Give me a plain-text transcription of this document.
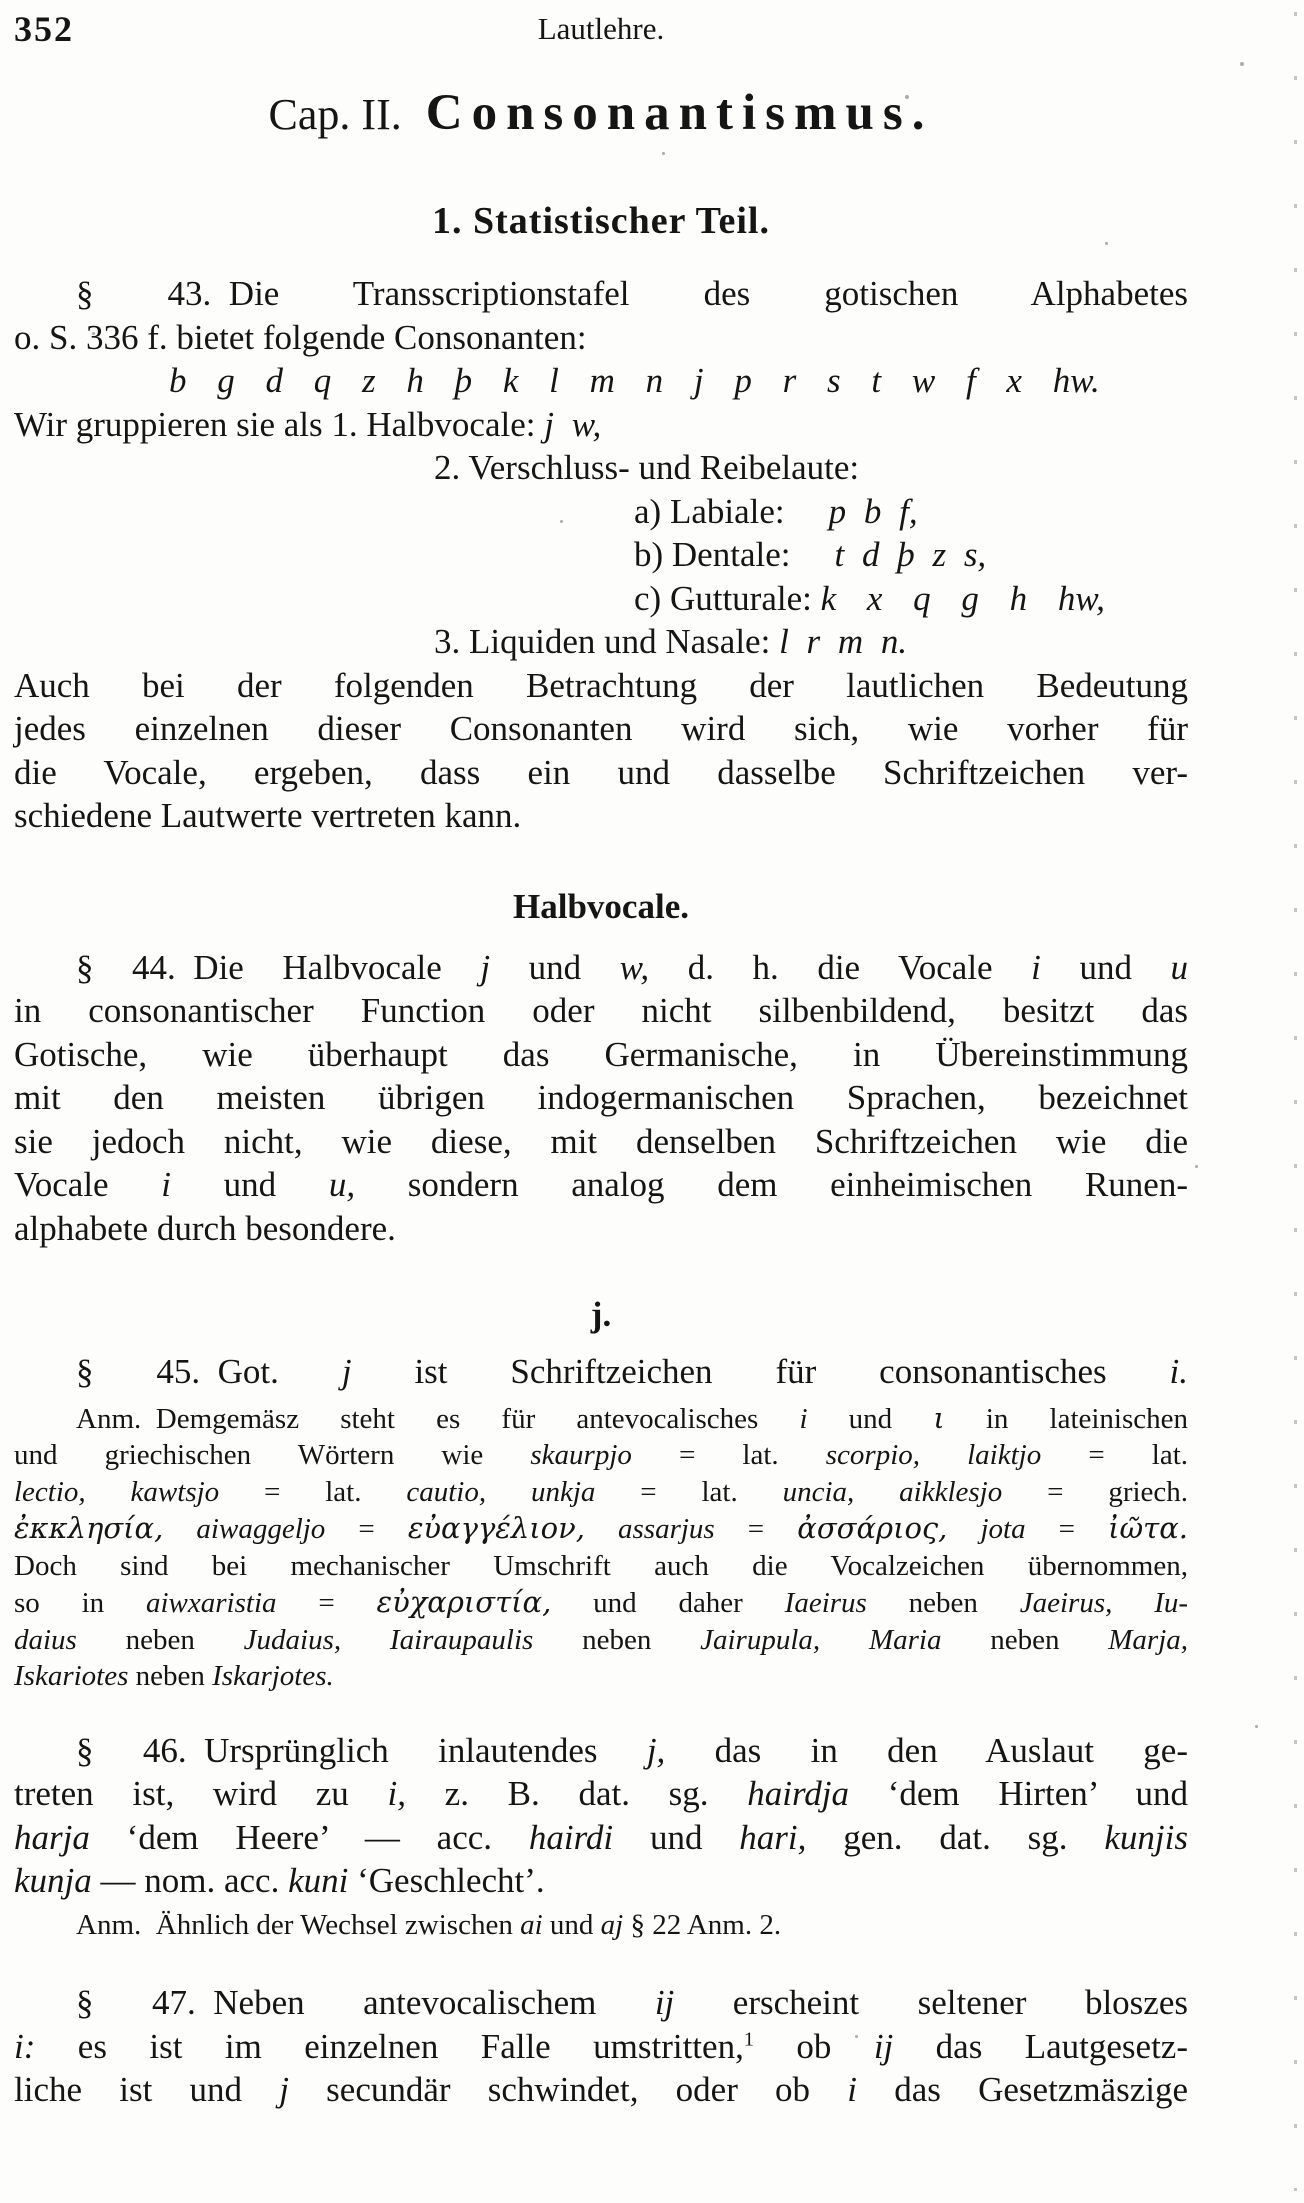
352	Lautlehre.
Cap. II. Consonantismus.
1. Statistischer Teil.
§ 43. Die Transscriptionstafel des gotischen Alphabetes
o. S. 336 f. bietet folgende Consonanten:
b g d q z h þ k l m n j p r s t w f x hw.
Wir gruppieren sie als 1. Halbvocale: j w,
2. Verschluss- und Reibelaute:
a) Labiale: p b f,
b) Dentale: t d þ z s,
c) Gutturale: k x q g h hw,
3. Liquiden und Nasale: l r m n.
Auch bei der folgenden Betrachtung der lautlichen Bedeutung
jedes einzelnen dieser Consonanten wird sich, wie vorher für
die Vocale, ergeben, dass ein und dasselbe Schriftzeichen ver-
schiedene Lautwerte vertreten kann.
Halbvocale.
§ 44. Die Halbvocale j und w, d. h. die Vocale i und u
in consonantischer Function oder nicht silbenbildend, besitzt das
Gotische, wie überhaupt das Germanische, in Übereinstimmung
mit den meisten übrigen indogermanischen Sprachen, bezeichnet
sie jedoch nicht, wie diese, mit denselben Schriftzeichen wie die
Vocale i und u, sondern analog dem einheimischen Runen-
alphabete durch besondere.
j.
§ 45. Got. j ist Schriftzeichen für consonantisches i.
Anm. Demgemäsz steht es für antevocalisches i und ι in lateinischen
und griechischen Wörtern wie skaurpjo = lat. scorpio, laiktjo = lat.
lectio, kawtsjo = lat. cautio, unkja = lat. uncia, aikklesjo = griech.
ἐκκλησία, aiwaggeljo = εὐαγγέλιον, assarjus = ἀσσάριος, jota = ἰῶτα.
Doch sind bei mechanischer Umschrift auch die Vocalzeichen übernommen,
so in aiwxaristia = εὐχαριστία, und daher Iaeirus neben Jaeirus, Iu-
daius neben Judaius, Iairaupaulis neben Jairupula, Maria neben Marja,
Iskariotes neben Iskarjotes.
§ 46. Ursprünglich inlautendes j, das in den Auslaut ge-
treten ist, wird zu i, z. B. dat. sg. hairdja ‘dem Hirten’ und
harja ‘dem Heere’ — acc. hairdi und hari, gen. dat. sg. kunjis
kunja — nom. acc. kuni ‘Geschlecht’.
Anm. Ähnlich der Wechsel zwischen ai und aj § 22 Anm. 2.
§ 47. Neben antevocalischem ij erscheint seltener bloszes
i: es ist im einzelnen Falle umstritten,$^1$ ob ij das Lautgesetz-
liche ist und j secundär schwindet, oder ob i das Gesetzmäszige
